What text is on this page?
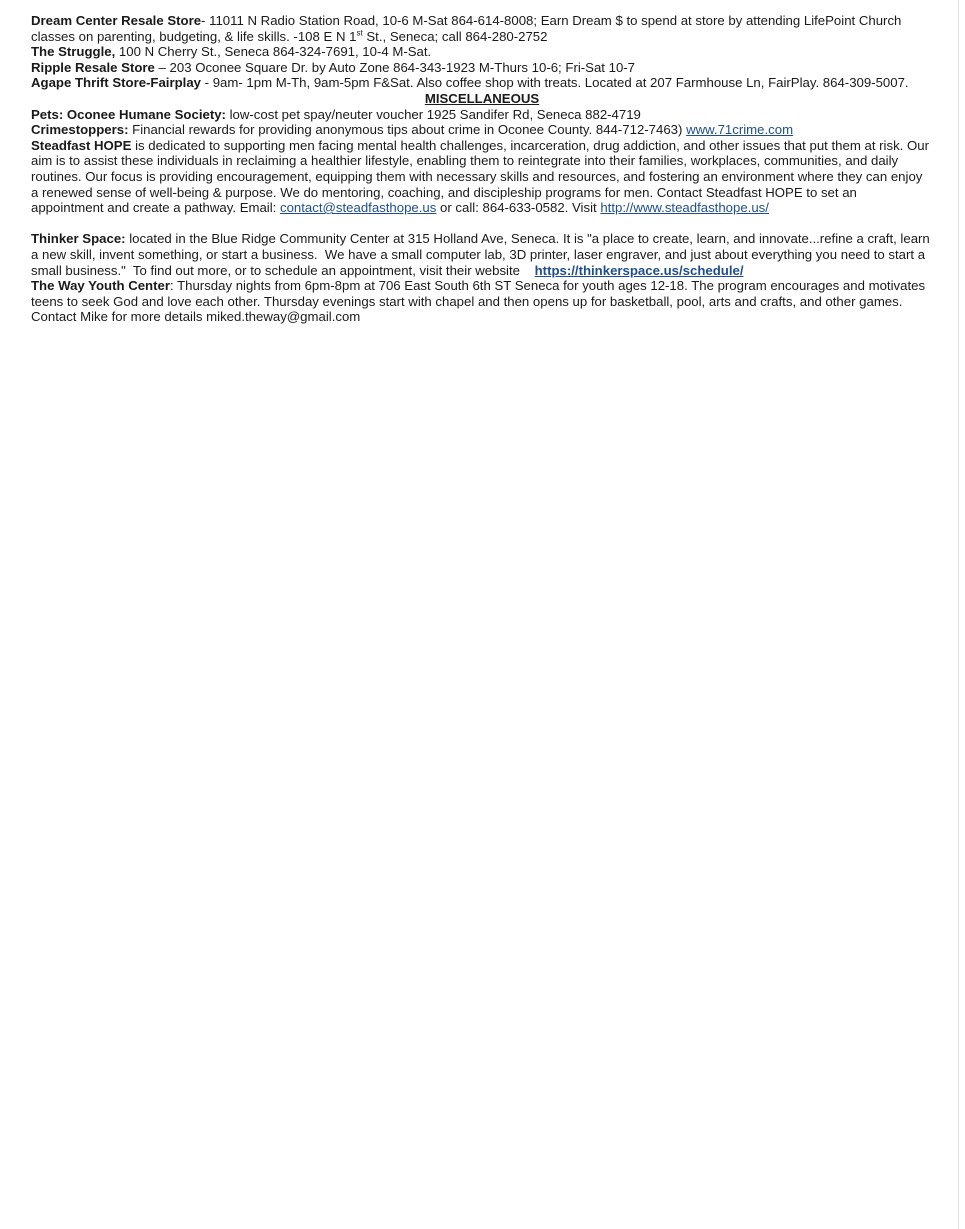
Dream Center Resale Store- 11011 N Radio Station Road, 10-6 M-Sat 864-614-8008; Earn Dream $ to spend at store by attending LifePoint Church classes on parenting, budgeting, & life skills. -108 E N 1st St., Seneca; call 864-280-2752

The Struggle, 100 N Cherry St., Seneca 864-324-7691, 10-4 M-Sat.

Ripple Resale Store – 203 Oconee Square Dr. by Auto Zone 864-343-1923 M-Thurs 10-6; Fri-Sat 10-7

Agape Thrift Store-Fairplay - 9am- 1pm M-Th, 9am-5pm F&Sat. Also coffee shop with treats. Located at 207 Farmhouse Ln, FairPlay. 864-309-5007.

MISCELLANEOUS

Pets: Oconee Humane Society: low-cost pet spay/neuter voucher 1925 Sandifer Rd, Seneca 882-4719

Crimestoppers: Financial rewards for providing anonymous tips about crime in Oconee County. 844-712-7463) www.71crime.com

Steadfast HOPE is dedicated to supporting men facing mental health challenges, incarceration, drug addiction, and other issues that put them at risk. Our aim is to assist these individuals in reclaiming a healthier lifestyle, enabling them to reintegrate into their families, workplaces, communities, and daily routines. Our focus is providing encouragement, equipping them with necessary skills and resources, and fostering an environment where they can enjoy a renewed sense of well-being & purpose. We do mentoring, coaching, and discipleship programs for men. Contact Steadfast HOPE to set an appointment and create a pathway. Email: contact@steadfasthope.us or call: 864-633-0582. Visit http://www.steadfasthope.us/

Thinker Space: located in the Blue Ridge Community Center at 315 Holland Ave, Seneca. It is "a place to create, learn, and innovate...refine a craft, learn a new skill, invent something, or start a business.  We have a small computer lab, 3D printer, laser engraver, and just about everything you need to start a small business."  To find out more, or to schedule an appointment, visit their website    https://thinkerspace.us/schedule/

The Way Youth Center: Thursday nights from 6pm-8pm at 706 East South 6th ST Seneca for youth ages 12-18. The program encourages and motivates teens to seek God and love each other. Thursday evenings start with chapel and then opens up for basketball, pool, arts and crafts, and other games. Contact Mike for more details miked.theway@gmail.com
